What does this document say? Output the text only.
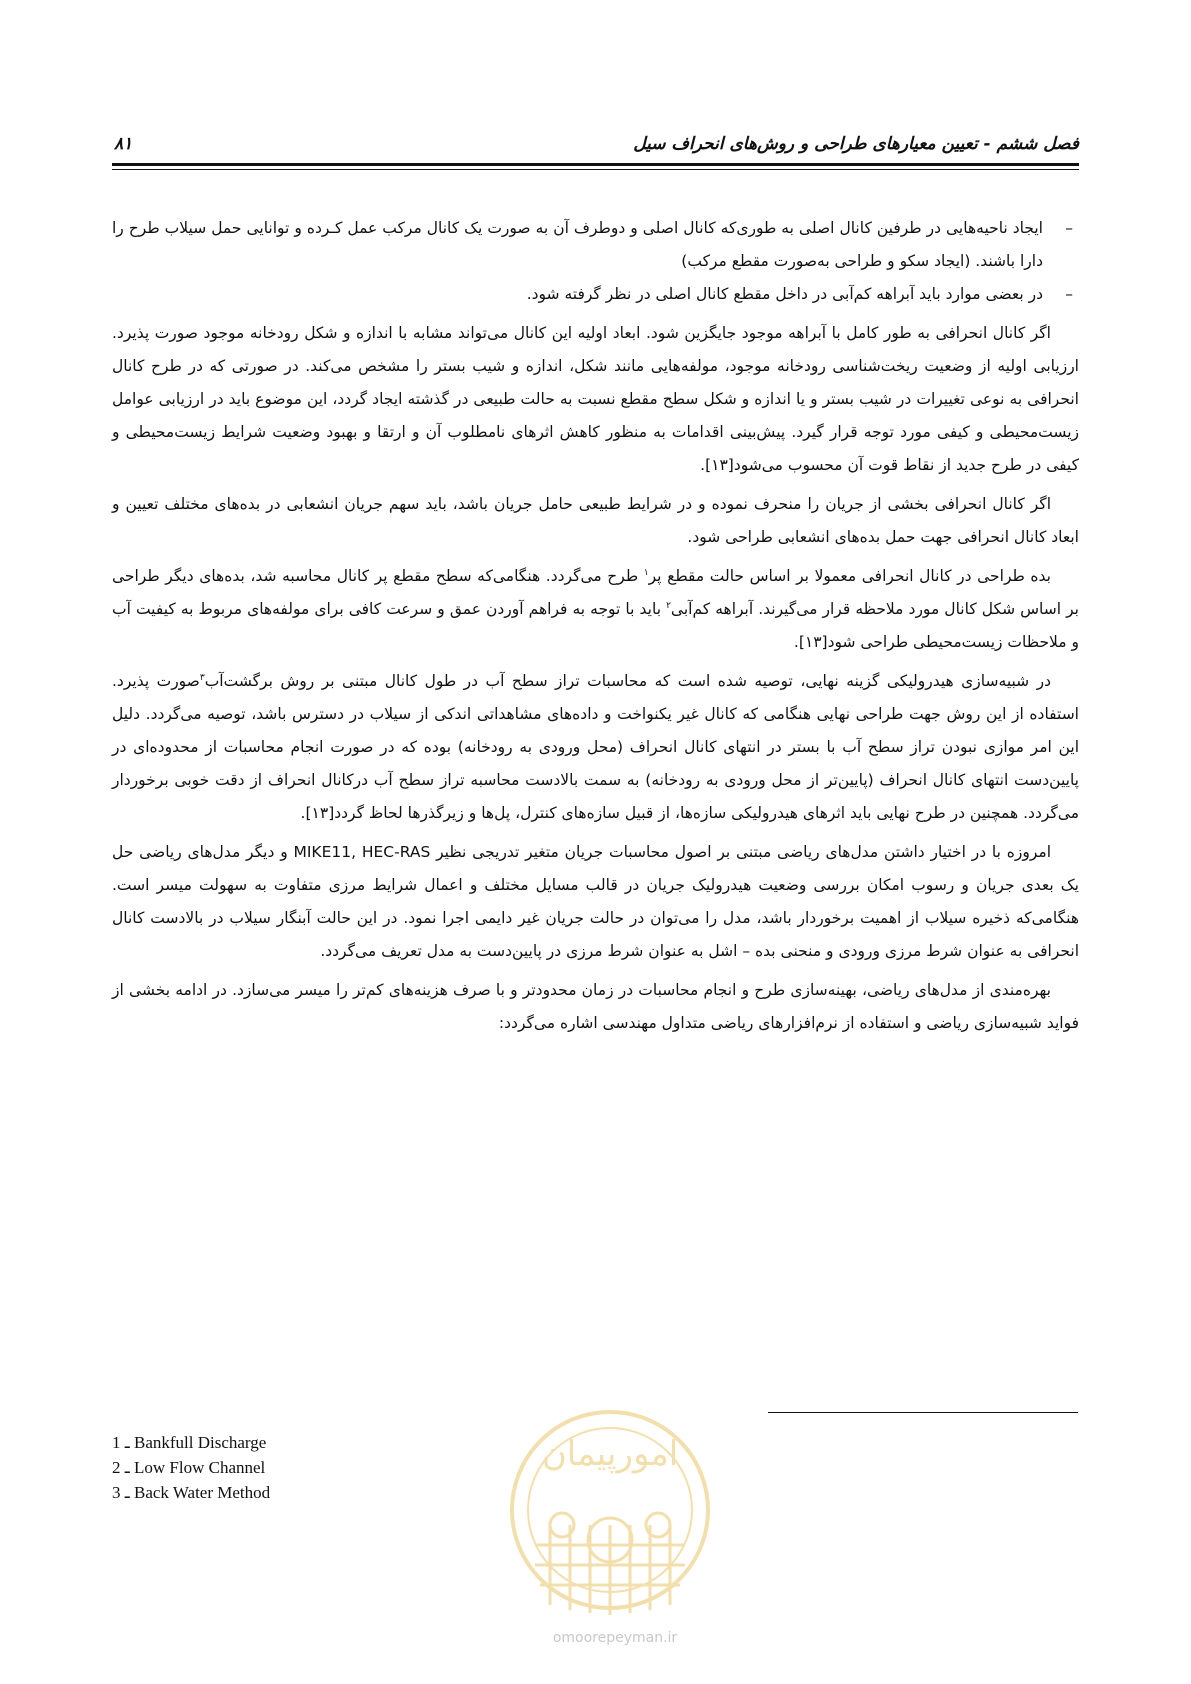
فصل ششم - تعیین معیارهای طراحی و روش‌های انحراف سیل
۸۱
–
ایجاد ناحیه‌هایی در طرفین کانال اصلی به طوری‌که کانال اصلی و دوطرف آن به صورت یک کانال مرکب عمل کـرده و توانایی حمل سیلاب طرح را دارا باشند. (ایجاد سکو و طراحی به‌صورت مقطع مرکب)
–
در بعضی موارد باید آبراهه کم‌آبی در داخل مقطع کانال اصلی در نظر گرفته شود.

اگر کانال انحرافی به طور کامل با آبراهه موجود جایگزین شود. ابعاد اولیه این کانال می‌تواند مشابه با اندازه و شکل رودخانه موجود صورت پذیرد. ارزیابی اولیه از وضعیت ریخت‌شناسی رودخانه موجود، مولفه‌هایی مانند شکل، اندازه و شیب بستر را مشخص می‌کند. در صورتی که در طرح کانال انحرافی به نوعی تغییرات در شیب بستر و یا اندازه و شکل سطح مقطع نسبت به حالت طبیعی در گذشته ایجاد گردد، این موضوع باید در ارزیابی عوامل زیست‌محیطی و کیفی مورد توجه قرار گیرد. پیش‌بینی اقدامات به منظور کاهش اثرهای نامطلوب آن و ارتقا و بهبود وضعیت شرایط زیست‌محیطی و کیفی در طرح جدید از نقاط قوت آن محسوب می‌شود[۱۳].

اگر کانال انحرافی بخشی از جریان را منحرف نموده و در شرایط طبیعی حامل جریان باشد، باید سهم جریان انشعابی در بده‌های مختلف تعیین و ابعاد کانال انحرافی جهت حمل بده‌های انشعابی طراحی شود.

بده طراحی در کانال انحرافی معمولا بر اساس حالت مقطع پر$^۱$ طرح می‌گردد. هنگامی‌که سطح مقطع پر کانال محاسبه شد، بده‌های دیگر طراحی بر اساس شکل کانال مورد ملاحظه قرار می‌گیرند. آبراهه کم‌آبی$^۲$ باید با توجه به فراهم آوردن عمق و سرعت کافی برای مولفه‌های مربوط به کیفیت آب و ملاحظات زیست‌محیطی طراحی شود[۱۳].

در شبیه‌سازی هیدرولیکی گزینه نهایی، توصیه شده است که محاسبات تراز سطح آب در طول کانال مبتنی بر روش برگشت‌آب$^۳$صورت پذیرد. استفاده از این روش جهت طراحی نهایی هنگامی که کانال غیر یکنواخت و داده‌های مشاهداتی اندکی از سیلاب در دسترس باشد، توصیه می‌گردد. دلیل این امر موازی نبودن تراز سطح آب با بستر در انتهای کانال انحراف (محل ورودی به رودخانه) بوده که در صورت انجام محاسبات از محدوده‌ای در پایین‌دست انتهای کانال انحراف (پایین‌تر از محل ورودی به رودخانه) به سمت بالادست محاسبه تراز سطح آب درکانال انحراف از دقت خوبی برخوردار می‌گردد. همچنین در طرح نهایی باید اثرهای هیدرولیکی سازه‌ها، از قبیل سازه‌های کنترل، پل‌ها و زیرگذرها لحاظ گردد[۱۳].

امروزه با در اختیار داشتن مدل‌های ریاضی مبتنی بر اصول محاسبات جریان متغیر تدریجی نظیر MIKE11, HEC-RAS و دیگر مدل‌های ریاضی حل یک بعدی جریان و رسوب امکان بررسی وضعیت هیدرولیک جریان در قالب مسایل مختلف و اعمال شرایط مرزی متفاوت به سهولت میسر است. هنگامی‌که ذخیره سیلاب از اهمیت برخوردار باشد، مدل را می‌توان در حالت جریان غیر دایمی اجرا نمود. در این حالت آبنگار سیلاب در بالادست کانال انحرافی به عنوان شرط مرزی ورودی و منحنی بده – اشل به عنوان شرط مرزی در پایین‌دست به مدل تعریف می‌گردد.

بهره‌مندی از مدل‌های ریاضی، بهینه‌سازی طرح و انجام محاسبات در زمان محدودتر و با صرف هزینه‌های کم‌تر را میسر می‌سازد. در ادامه بخشی از فواید شبیه‌سازی ریاضی و استفاده از نرم‌افزارهای ریاضی متداول مهندسی اشاره می‌گردد:

1 ـ Bankfull Discharge
2 ـ Low Flow Channel
3 ـ Back Water Method
امورپیمان
omoorepeyman.ir
